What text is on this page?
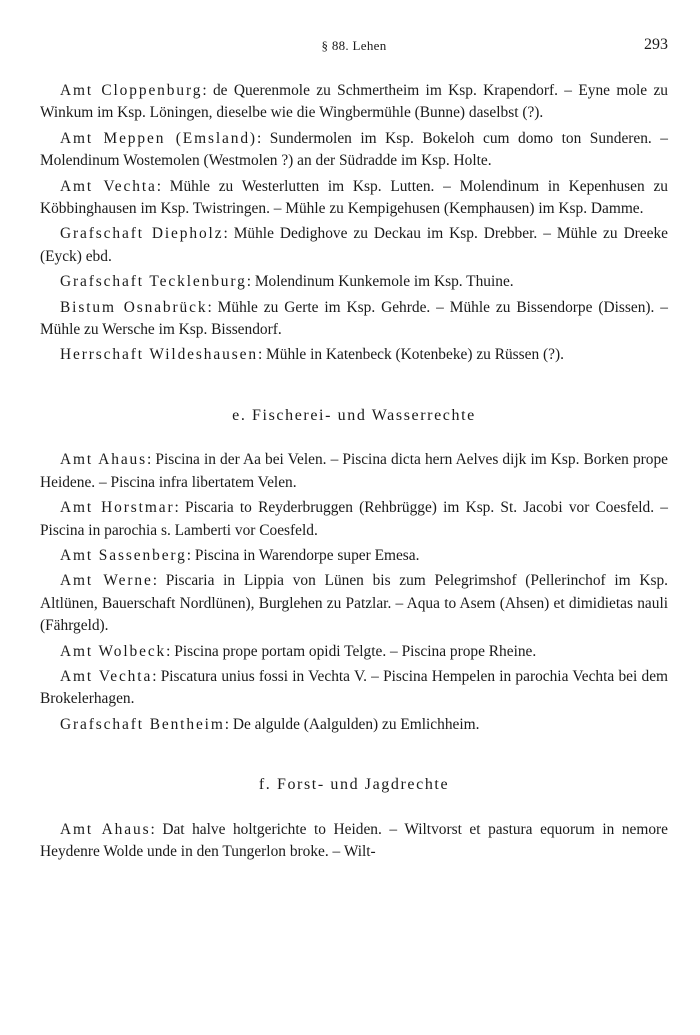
§ 88. Lehen	293

Amt Cloppenburg: de Querenmole zu Schmertheim im Ksp. Krapendorf. – Eyne mole zu Winkum im Ksp. Löningen, dieselbe wie die Wingbermühle (Bunne) daselbst (?).

Amt Meppen (Emsland): Sundermolen im Ksp. Bokeloh cum domo ton Sunderen. – Molendinum Wostemolen (Westmolen ?) an der Südradde im Ksp. Holte.

Amt Vechta: Mühle zu Westerlutten im Ksp. Lutten. – Molendinum in Kepenhusen zu Köbbinghausen im Ksp. Twistringen. – Mühle zu Kempigehusen (Kemphausen) im Ksp. Damme.

Grafschaft Diepholz: Mühle Dedighove zu Deckau im Ksp. Drebber. – Mühle zu Dreeke (Eyck) ebd.

Grafschaft Tecklenburg: Molendinum Kunkemole im Ksp. Thuine.

Bistum Osnabrück: Mühle zu Gerte im Ksp. Gehrde. – Mühle zu Bissendorpe (Dissen). – Mühle zu Wersche im Ksp. Bissendorf.

Herrschaft Wildeshausen: Mühle in Katenbeck (Kotenbeke) zu Rüssen (?).

e. Fischerei- und Wasserrechte

Amt Ahaus: Piscina in der Aa bei Velen. – Piscina dicta hern Aelves dijk im Ksp. Borken prope Heidene. – Piscina infra libertatem Velen.

Amt Horstmar: Piscaria to Reyderbruggen (Rehbrügge) im Ksp. St. Jacobi vor Coesfeld. – Piscina in parochia s. Lamberti vor Coesfeld.

Amt Sassenberg: Piscina in Warendorpe super Emesa.

Amt Werne: Piscaria in Lippia von Lünen bis zum Pelegrimshof (Pellerinchof im Ksp. Altlünen, Bauerschaft Nordlünen), Burglehen zu Patzlar. – Aqua to Asem (Ahsen) et dimidietas nauli (Fährgeld).

Amt Wolbeck: Piscina prope portam opidi Telgte. – Piscina prope Rheine.

Amt Vechta: Piscatura unius fossi in Vechta V. – Piscina Hempelen in parochia Vechta bei dem Brokelerhagen.

Grafschaft Bentheim: De algulde (Aalgulden) zu Emlichheim.

f. Forst- und Jagdrechte

Amt Ahaus: Dat halve holtgerichte to Heiden. – Wiltvorst et pastura equorum in nemore Heydenre Wolde unde in den Tungerlon broke. – Wilt-
